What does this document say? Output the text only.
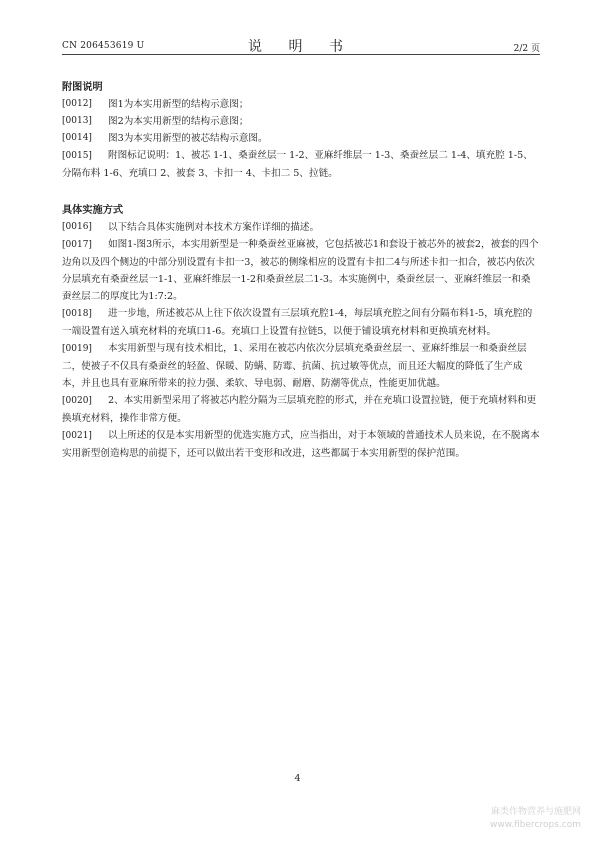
CN 206453619 U	说 明 书	2/2 页
附图说明
[0012]	图1为本实用新型的结构示意图；
[0013]	图2为本实用新型的结构示意图；
[0014]	图3为本实用新型的被芯结构示意图。
[0015] 附图标记说明：1、被芯 1-1、桑蚕丝层一 1-2、亚麻纤维层一 1-3、桑蚕丝层二 1-4、填充腔 1-5、分隔布料 1-6、充填口 2、被套 3、卡扣一 4、卡扣二 5、拉链。
具体实施方式
[0016]	以下结合具体实施例对本技术方案作详细的描述。
[0017] 如图1-图3所示，本实用新型是一种桑蚕丝亚麻被，它包括被芯1和套设于被芯外的被套2，被套的四个边角以及四个侧边的中部分别设置有卡扣一3，被芯的侧缘相应的设置有卡扣二4与所述卡扣一扣合，被芯内依次分层填充有桑蚕丝层一1-1、亚麻纤维层一1-2和桑蚕丝层二1-3。本实施例中，桑蚕丝层一、亚麻纤维层一和桑蚕丝层二的厚度比为1:7:2。
[0018] 进一步地，所述被芯从上往下依次设置有三层填充腔1-4，每层填充腔之间有分隔布料1-5，填充腔的一端设置有送入填充材料的充填口1-6。充填口上设置有拉链5，以便于铺设填充材料和更换填充材料。
[0019] 本实用新型与现有技术相比，1、采用在被芯内依次分层填充桑蚕丝层一、亚麻纤维层一和桑蚕丝层二，使被子不仅具有桑蚕丝的轻盈、保暖、防螨、防霉、抗菌、抗过敏等优点，而且还大幅度的降低了生产成本，并且也具有亚麻所带来的拉力强、柔软、导电弱、耐磨、防潮等优点，性能更加优越。
[0020] 2、本实用新型采用了将被芯内腔分隔为三层填充腔的形式，并在充填口设置拉链，便于充填材料和更换填充材料，操作非常方便。
[0021] 以上所述的仅是本实用新型的优选实施方式，应当指出，对于本领域的普通技术人员来说，在不脱离本实用新型创造构思的前提下，还可以做出若干变形和改进，这些都属于本实用新型的保护范围。
4
麻类作物营养与施肥网
www.fibercrops.com
